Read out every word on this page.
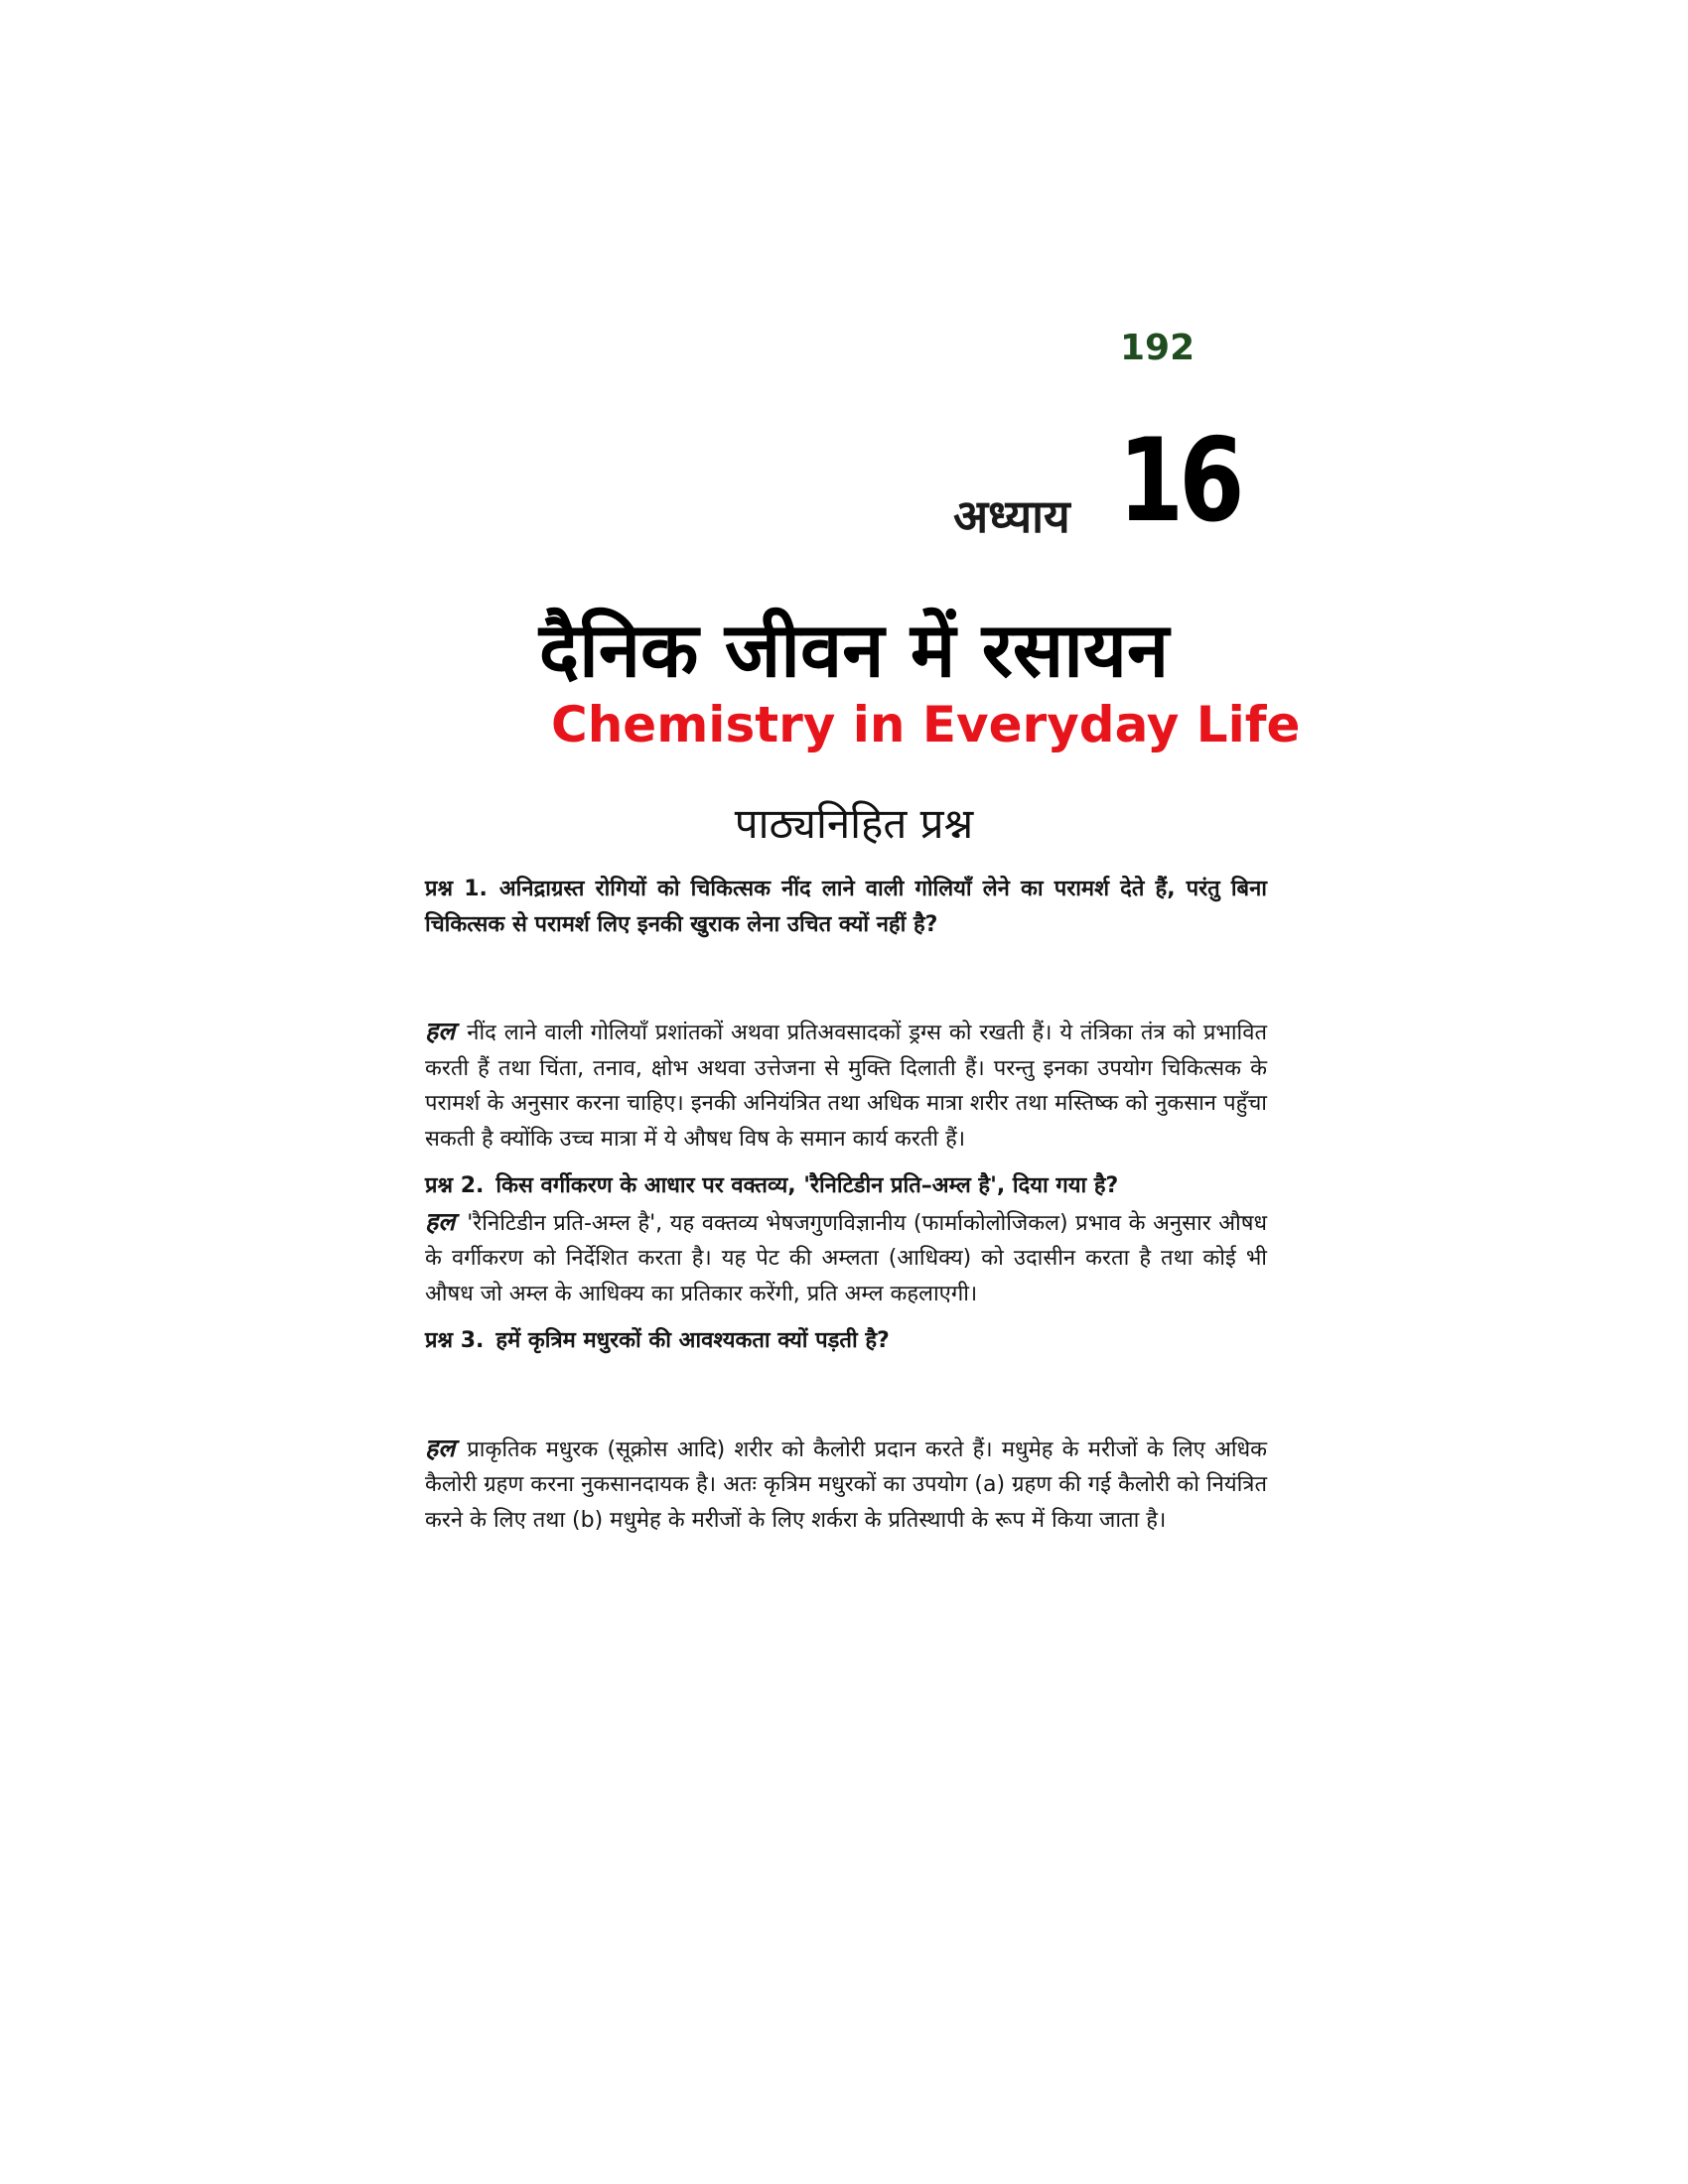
192
अध्याय 16
दैनिक जीवन में रसायन
Chemistry in Everyday Life
पाठ्यनिहित प्रश्न
प्रश्न 1. अनिद्राग्रस्त रोगियों को चिकित्सक नींद लाने वाली गोलियाँ लेने का परामर्श देते हैं, परंतु बिना चिकित्सक से परामर्श लिए इनकी खुराक लेना उचित क्यों नहीं है?
हल नींद लाने वाली गोलियाँ प्रशांतकों अथवा प्रतिअवसादकों ड्रग्स को रखती हैं। ये तंत्रिका तंत्र को प्रभावित करती हैं तथा चिंता, तनाव, क्षोभ अथवा उत्तेजना से मुक्ति दिलाती हैं। परन्तु इनका उपयोग चिकित्सक के परामर्श के अनुसार करना चाहिए। इनकी अनियंत्रित तथा अधिक मात्रा शरीर तथा मस्तिष्क को नुकसान पहुँचा सकती है क्योंकि उच्च मात्रा में ये औषध विष के समान कार्य करती हैं।
प्रश्न 2. किस वर्गीकरण के आधार पर वक्तव्य, 'रैनिटिडीन प्रति–अम्ल है', दिया गया है?
हल 'रैनिटिडीन प्रति-अम्ल है', यह वक्तव्य भेषजगुणविज्ञानीय (फार्माकोलोजिकल) प्रभाव के अनुसार औषध के वर्गीकरण को निर्देशित करता है। यह पेट की अम्लता (आधिक्य) को उदासीन करता है तथा कोई भी औषध जो अम्ल के आधिक्य का प्रतिकार करेंगी, प्रति अम्ल कहलाएगी।
प्रश्न 3. हमें कृत्रिम मधुरकों की आवश्यकता क्यों पड़ती है?
हल प्राकृतिक मधुरक (सूक्रोस आदि) शरीर को कैलोरी प्रदान करते हैं। मधुमेह के मरीजों के लिए अधिक कैलोरी ग्रहण करना नुकसानदायक है। अतः कृत्रिम मधुरकों का उपयोग (a) ग्रहण की गई कैलोरी को नियंत्रित करने के लिए तथा (b) मधुमेह के मरीजों के लिए शर्करा के प्रतिस्थापी के रूप में किया जाता है।
